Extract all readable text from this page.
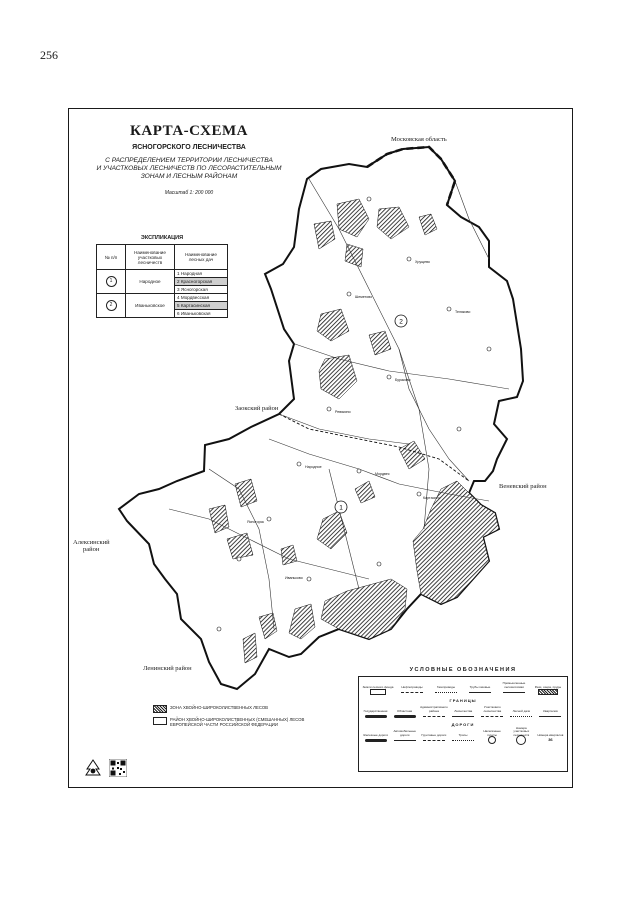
256
1
2
Ясногорск
Иваньково
Мордвес
Картасино
Народное
Бураково
Ревякино
Шеметово
Теляково
Хрущево
КАРТА-СХЕМА
ЯСНОГОРСКОГО ЛЕСНИЧЕСТВА
С РАСПРЕДЕЛЕНИЕМ ТЕРРИТОРИИ ЛЕСНИЧЕСТВА
И УЧАСТКОВЫХ ЛЕСНИЧЕСТВ ПО ЛЕСОРАСТИТЕЛЬНЫМ
ЗОНАМ И ЛЕСНЫМ РАЙОНАМ
Масштаб 1: 200 000
ЭКСПЛИКАЦИЯ
№ п/п	Наименование участковых лесничеств	Наименование лесных дач
1	Народное	1 Народная
		2 Красногорская
		3 Ясногорская
2	Иваньковское	4 Мордвесская
		5 Картасинская
		6 Иваньковская
Московская область
Заокский район
Веневский район
Алексинский
район
Ленинский район
ЗОНА ХВОЙНО-ШИРОКОЛИСТВЕННЫХ ЛЕСОВ
РАЙОН ХВОЙНО-ШИРОКОЛИСТВЕННЫХ (СМЕШАННЫХ) ЛЕСОВ ЕВРОПЕЙСКОЙ ЧАСТИ РОССИЙСКОЙ ФЕДЕРАЦИИ
УСЛОВНЫЕ ОБОЗНАЧЕНИЯ
Земли лесного фонда	Нефтепроводы	Газопроводы	Трубы газовые
Промышленные лесозаготовки	Реки, озера, пруды
ГРАНИЦЫ
Государственная	Областная
Административного района	Лесничества
Участкового лесничества	Лесной дачи	Кварталов
ДОРОГИ
Железные дороги
Автомобильные дороги	Грунтовые дороги	Тропы
Населённые пункты
Номера участковых лесничеств	Номера кварталов
36
